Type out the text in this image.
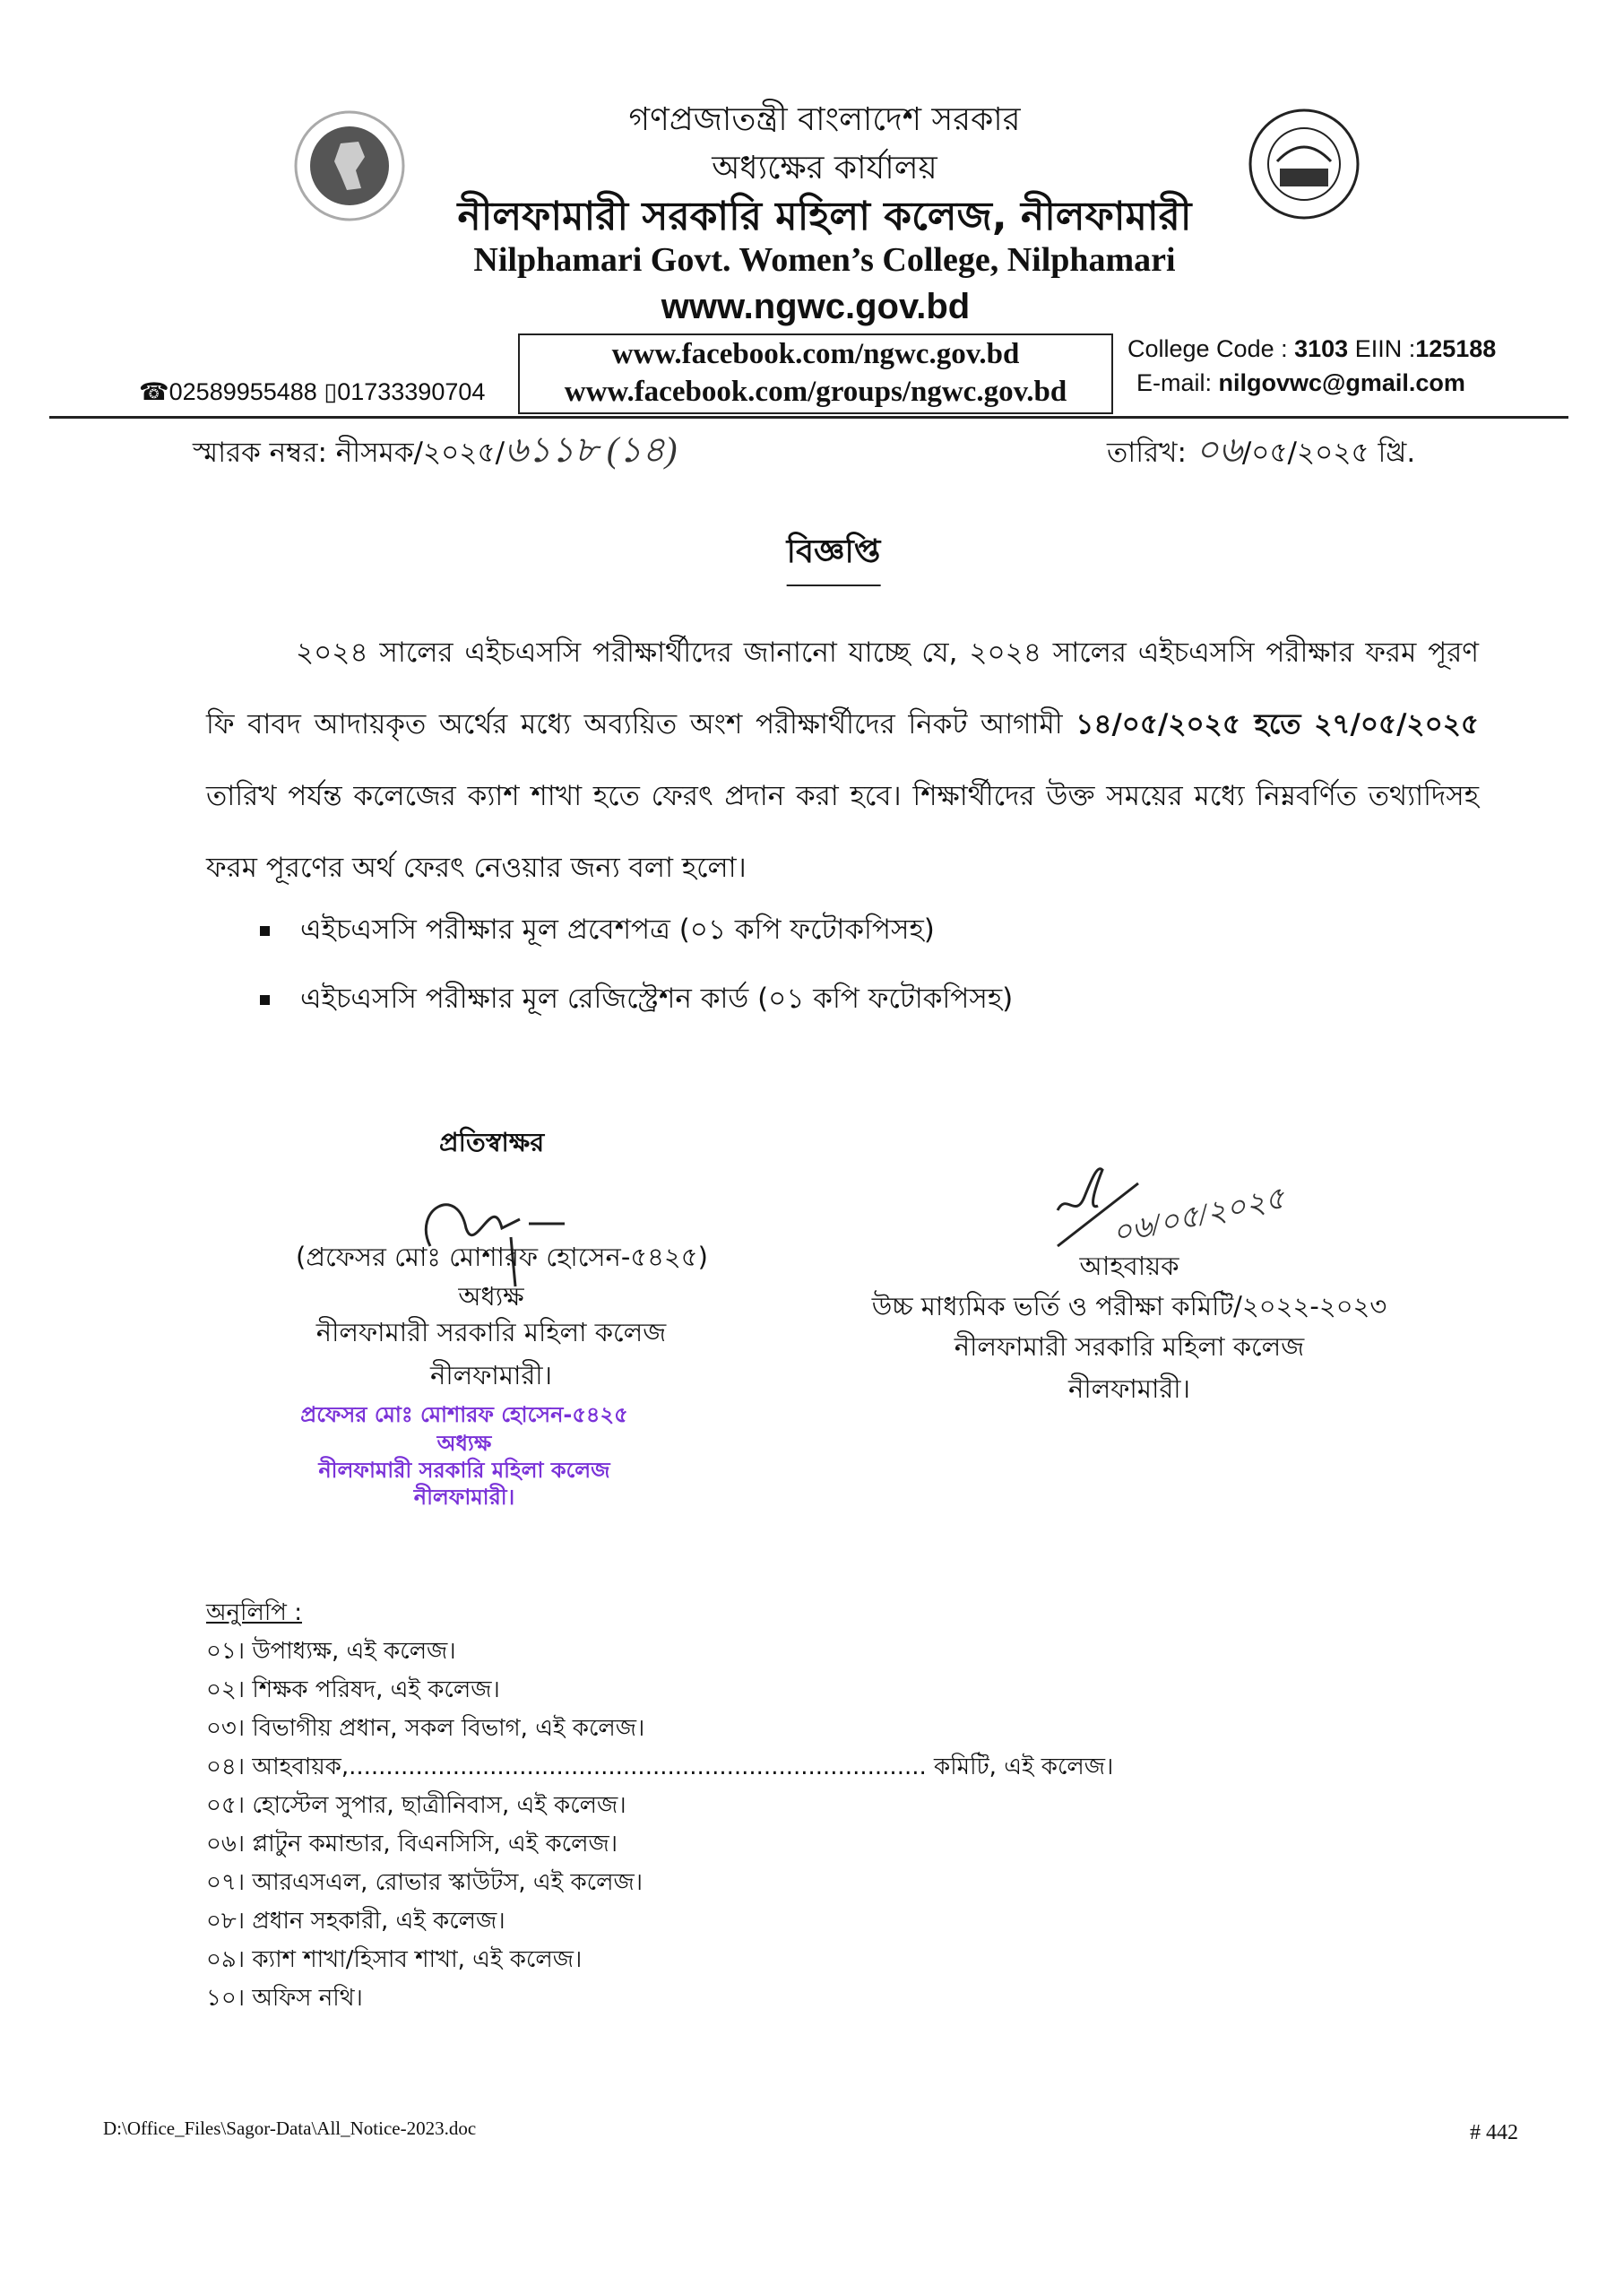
গণপ্রজাতন্ত্রী বাংলাদেশ সরকার
অধ্যক্ষের কার্যালয়
নীলফামারী সরকারি মহিলা কলেজ, নীলফামারী
Nilphamari Govt. Women’s College, Nilphamari
www.ngwc.gov.bd
www.facebook.com/ngwc.gov.bd
www.facebook.com/groups/ngwc.gov.bd
☎02589955488 ▯01733390704
College Code : 3103 EIIN :125188
E-mail: nilgovwc@gmail.com
স্মারক নম্বর: নীসমক/২০২৫/৬১১৮ (১৪)	তারিখ: ০৬/০৫/২০২৫ খ্রি.
বিজ্ঞপ্তি
২০২৪ সালের এইচএসসি পরীক্ষার্থীদের জানানো যাচ্ছে যে, ২০২৪ সালের এইচএসসি পরীক্ষার ফরম পূরণ ফি বাবদ আদায়কৃত অর্থের মধ্যে অব্যয়িত অংশ পরীক্ষার্থীদের নিকট আগামী ১৪/০৫/২০২৫ হতে ২৭/০৫/২০২৫ তারিখ পর্যন্ত কলেজের ক্যাশ শাখা হতে ফেরৎ প্রদান করা হবে। শিক্ষার্থীদের উক্ত সময়ের মধ্যে নিম্নবর্ণিত তথ্যাদিসহ ফরম পূরণের অর্থ ফেরৎ নেওয়ার জন্য বলা হলো।
এইচএসসি পরীক্ষার মূল প্রবেশপত্র (০১ কপি ফটোকপিসহ)
এইচএসসি পরীক্ষার মূল রেজিস্ট্রেশন কার্ড (০১ কপি ফটোকপিসহ)
প্রতিস্বাক্ষর
(প্রফেসর মোঃ মোশারফ হোসেন-৫৪২৫)
অধ্যক্ষ
নীলফামারী সরকারি মহিলা কলেজ
নীলফামারী।
প্রফেসর মোঃ মোশারফ হোসেন-৫৪২৫
অধ্যক্ষ
নীলফামারী সরকারি মহিলা কলেজ
নীলফামারী।
০৬/০৫/২০২৫
আহবায়ক
উচ্চ মাধ্যমিক ভর্তি ও পরীক্ষা কমিটি/২০২২-২০২৩
নীলফামারী সরকারি মহিলা কলেজ
নীলফামারী।
অনুলিপি :
০১। উপাধ্যক্ষ, এই কলেজ।
০২। শিক্ষক পরিষদ, এই কলেজ।
০৩। বিভাগীয় প্রধান, সকল বিভাগ, এই কলেজ।
০৪। আহবায়ক,.............................................................................. কমিটি, এই কলেজ।
০৫। হোস্টেল সুপার, ছাত্রীনিবাস, এই কলেজ।
০৬। প্লাটুন কমান্ডার, বিএনসিসি, এই কলেজ।
০৭। আরএসএল, রোভার স্কাউটস, এই কলেজ।
০৮। প্রধান সহকারী, এই কলেজ।
০৯। ক্যাশ শাখা/হিসাব শাখা, এই কলেজ।
১০। অফিস নথি।
D:\Office_Files\Sagor-Data\All_Notice-2023.doc	# 442
